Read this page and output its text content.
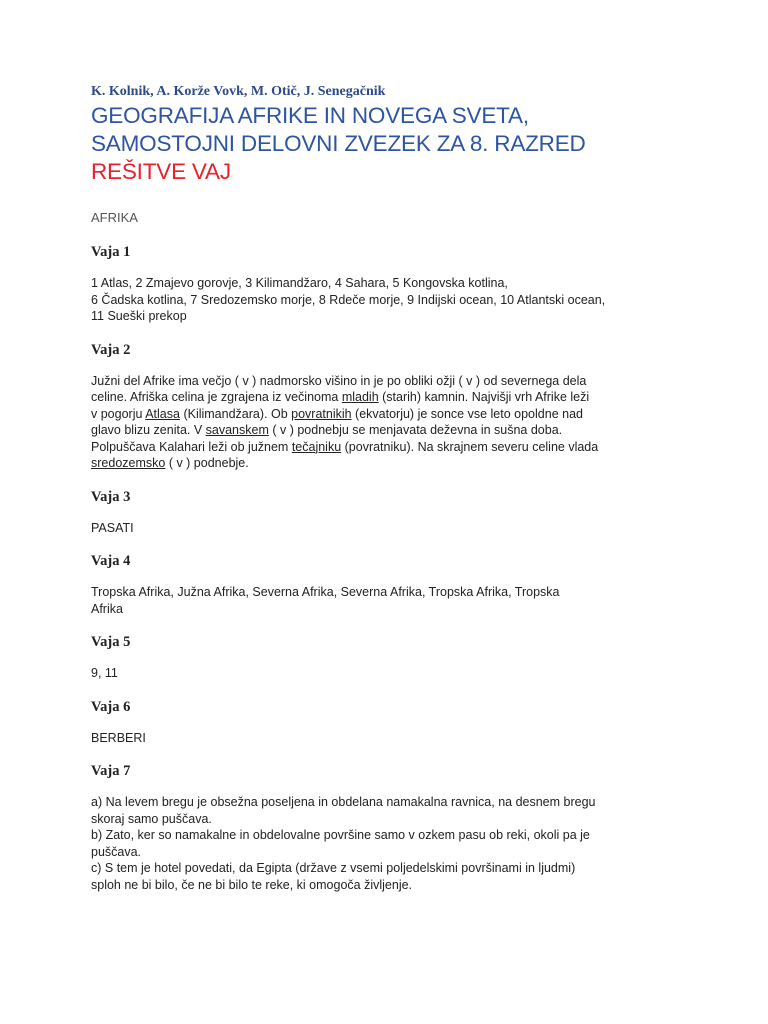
K. Kolnik, A. Korže Vovk, M. Otič, J. Senegačnik

GEOGRAFIJA AFRIKE IN NOVEGA SVETA,

SAMOSTOJNI DELOVNI ZVEZEK ZA 8. RAZRED

REŠITVE VAJ

AFRIKA

Vaja 1

1 Atlas, 2 Zmajevo gorovje, 3 Kilimandžaro, 4 Sahara, 5 Kongovska kotlina,
6 Čadska kotlina, 7 Sredozemsko morje, 8 Rdeče morje, 9 Indijski ocean, 10 Atlantski ocean,
11 Sueški prekop

Vaja 2

Južni del Afrike ima večjo ( v ) nadmorsko višino in je po obliki ožji ( v ) od severnega dela
celine. Afriška celina je zgrajena iz večinoma mladih (starih) kamnin. Najvišji vrh Afrike leži
v pogorju Atlasa (Kilimandžara). Ob povratnikih (ekvatorju) je sonce vse leto opoldne nad
glavo blizu zenita. V savanskem ( v ) podnebju se menjavata deževna in sušna doba.
Polpuščava Kalahari leži ob južnem tečajniku (povratniku). Na skrajnem severu celine vlada
sredozemsko ( v ) podnebje.

Vaja 3

PASATI

Vaja 4

Tropska Afrika, Južna Afrika, Severna Afrika, Severna Afrika, Tropska Afrika, Tropska
Afrika

Vaja 5

9, 11

Vaja 6

BERBERI

Vaja 7

a) Na levem bregu je obsežna poseljena in obdelana namakalna ravnica, na desnem bregu
skoraj samo puščava.
b) Zato, ker so namakalne in obdelovalne površine samo v ozkem pasu ob reki, okoli pa je
puščava.
c) S tem je hotel povedati, da Egipta (države z vsemi poljedelskimi površinami in ljudmi)
sploh ne bi bilo, če ne bi bilo te reke, ki omogoča življenje.
